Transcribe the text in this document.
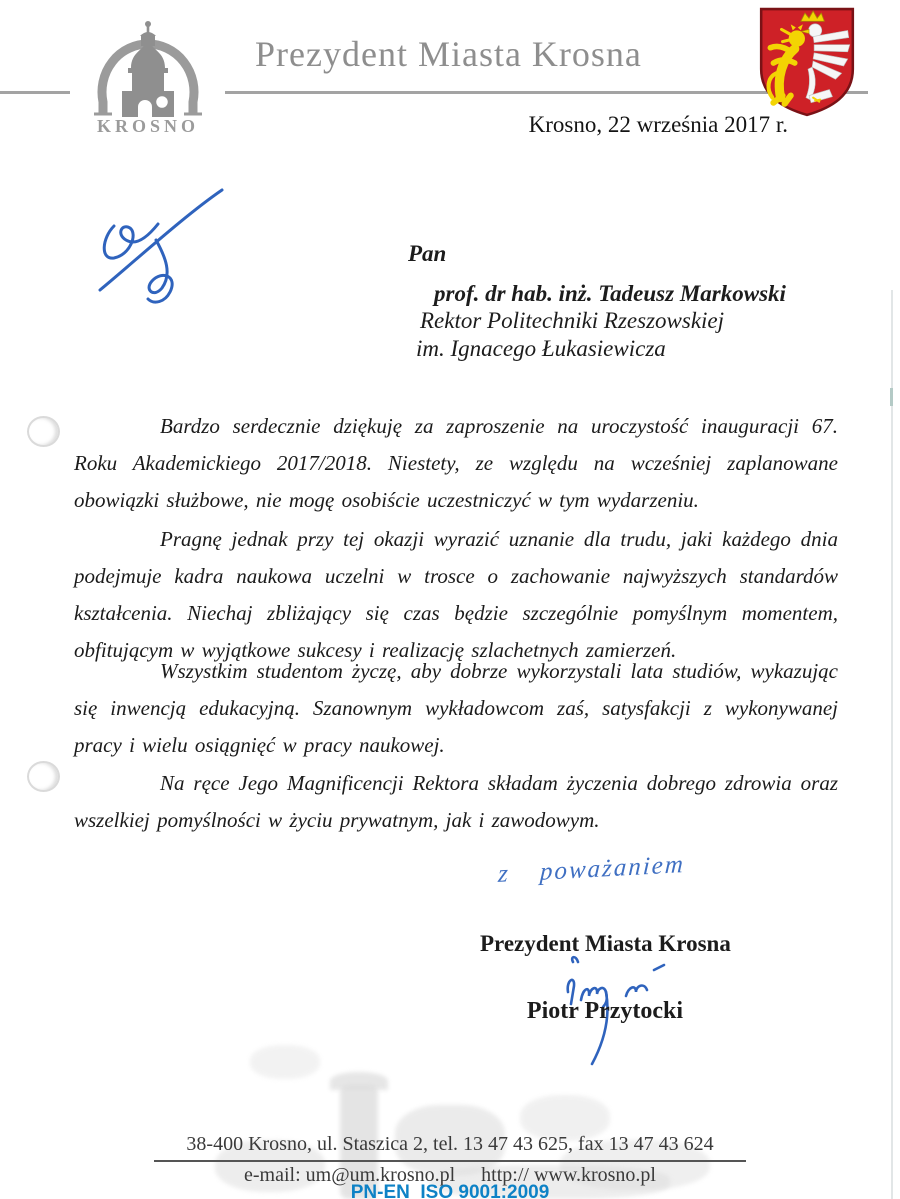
KROSNO
Prezydent Miasta Krosna
Krosno, 22 września 2017 r.
Pan
prof. dr hab. inż. Tadeusz Markowski
Rektor Politechniki Rzeszowskiej
im. Ignacego Łukasiewicza
Bardzo serdecznie dziękuję za zaproszenie na uroczystość inauguracji 67. Roku Akademickiego 2017/2018. Niestety, ze względu na wcześniej zaplanowane obowiązki służbowe, nie mogę osobiście uczestniczyć w tym wydarzeniu.
Pragnę jednak przy tej okazji wyrazić uznanie dla trudu, jaki każdego dnia podejmuje kadra naukowa uczelni w trosce o zachowanie najwyższych standardów kształcenia. Niechaj zbliżający się czas będzie szczególnie pomyślnym momentem, obfitującym w wyjątkowe sukcesy i realizację szlachetnych zamierzeń.
Wszystkim studentom życzę, aby dobrze wykorzystali lata studiów, wykazując się inwencją edukacyjną. Szanownym wykładowcom zaś, satysfakcji z wykonywanej pracy i wielu osiągnięć w pracy naukowej.
Na ręce Jego Magnificencji Rektora składam życzenia dobrego zdrowia oraz wszelkiej pomyślności w życiu prywatnym, jak i zawodowym.
z poważaniem
Prezydent Miasta Krosna
Piotr Przytocki
38-400 Krosno, ul. Staszica 2, tel. 13 47 43 625, fax 13 47 43 624
e-mail: um@um.krosno.pl http:// www.krosno.pl
PN-EN  ISO 9001:2009
